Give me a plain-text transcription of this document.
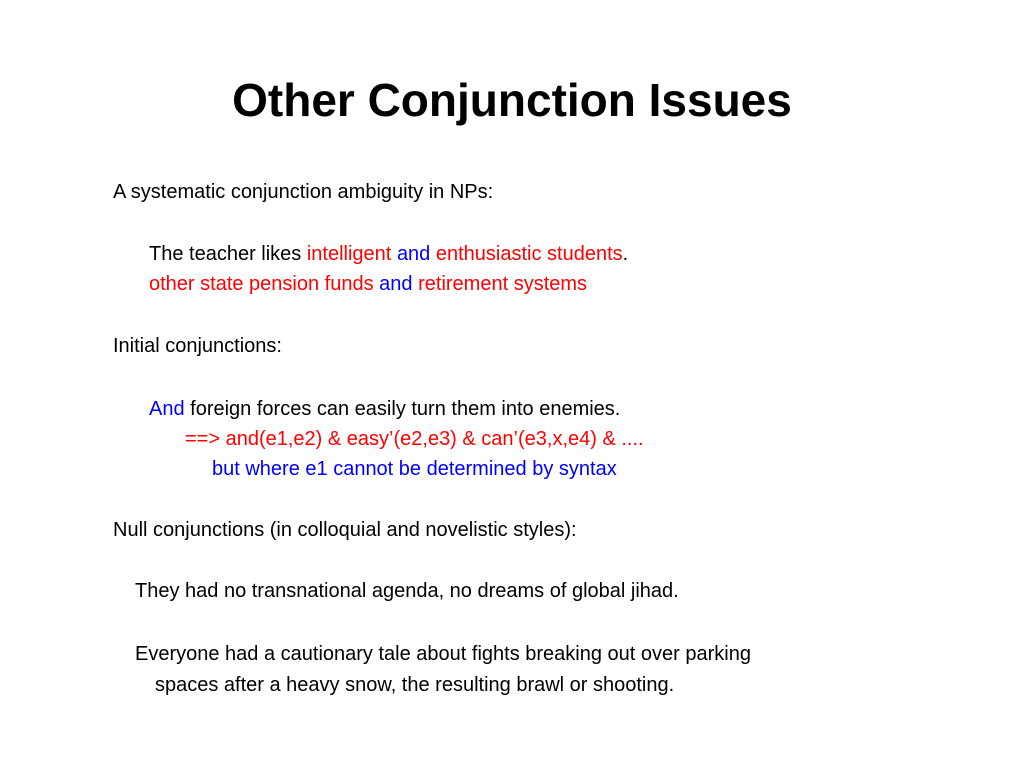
Other Conjunction Issues
A systematic conjunction ambiguity in NPs:
The teacher likes intelligent and enthusiastic students.
other state pension funds and retirement systems
Initial conjunctions:
And foreign forces can easily turn them into enemies.
==> and(e1,e2) & easy’(e2,e3) & can’(e3,x,e4) & ....
but where e1 cannot be determined by syntax
Null conjunctions (in colloquial and novelistic styles):
They had no transnational agenda, no dreams of global jihad.
Everyone had a cautionary tale about fights breaking out over parking
spaces after a heavy snow, the resulting brawl or shooting.
